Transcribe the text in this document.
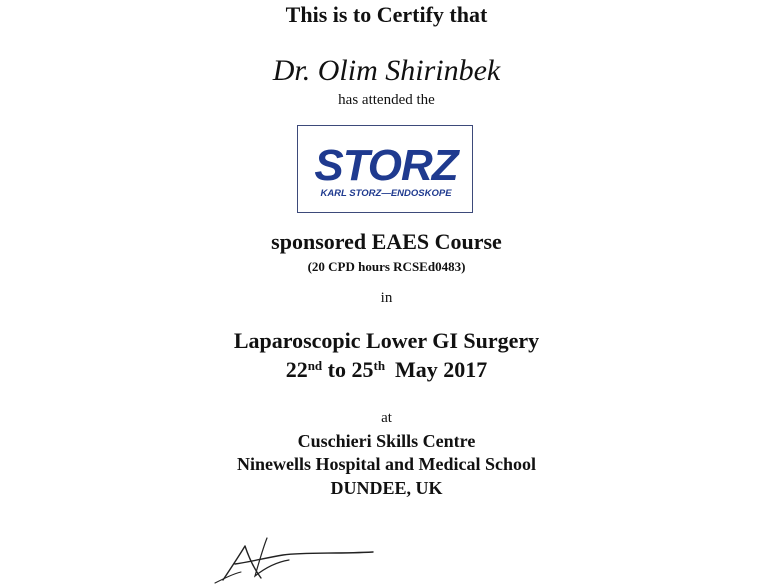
This is to Certify that
Dr. Olim Shirinbek
has attended the
STORZ
KARL STORZ—ENDOSKOPE
sponsored EAES Course
(20 CPD hours RCSEd0483)
in
Laparoscopic Lower GI Surgery
22nd to 25th May 2017
at
Cuschieri Skills Centre
Ninewells Hospital and Medical School
DUNDEE, UK
